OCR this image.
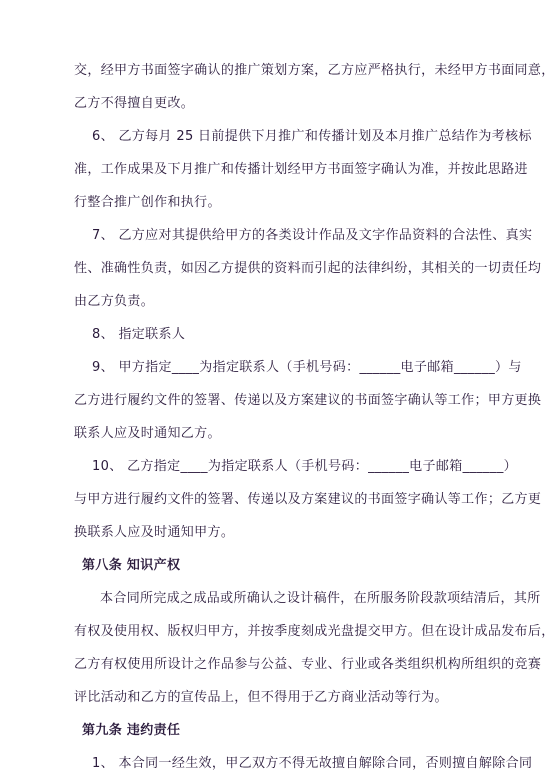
交，经甲方书面签字确认的推广策划方案，乙方应严格执行，未经甲方书面同意，
乙方不得擅自更改。
6、 乙方每月 25 日前提供下月推广和传播计划及本月推广总结作为考核标
准，工作成果及下月推广和传播计划经甲方书面签字确认为准，并按此思路进
行整合推广创作和执行。
7、 乙方应对其提供给甲方的各类设计作品及文字作品资料的合法性、真实
性、准确性负责，如因乙方提供的资料而引起的法律纠纷，其相关的一切责任均
由乙方负责。
8、 指定联系人
9、 甲方指定____为指定联系人（手机号码：______电子邮箱______）与
乙方进行履约文件的签署、传递以及方案建议的书面签字确认等工作；甲方更换
联系人应及时通知乙方。
10、 乙方指定____为指定联系人（手机号码：______电子邮箱______）
与甲方进行履约文件的签署、传递以及方案建议的书面签字确认等工作；乙方更
换联系人应及时通知甲方。
第八条 知识产权
本合同所完成之成品或所确认之设计稿件，在所服务阶段款项结清后，其所
有权及使用权、版权归甲方，并按季度刻成光盘提交甲方。但在设计成品发布后，
乙方有权使用所设计之作品参与公益、专业、行业或各类组织机构所组织的竞赛
评比活动和乙方的宣传品上，但不得用于乙方商业活动等行为。
第九条 违约责任
1、 本合同一经生效，甲乙双方不得无故擅自解除合同，否则擅自解除合同
